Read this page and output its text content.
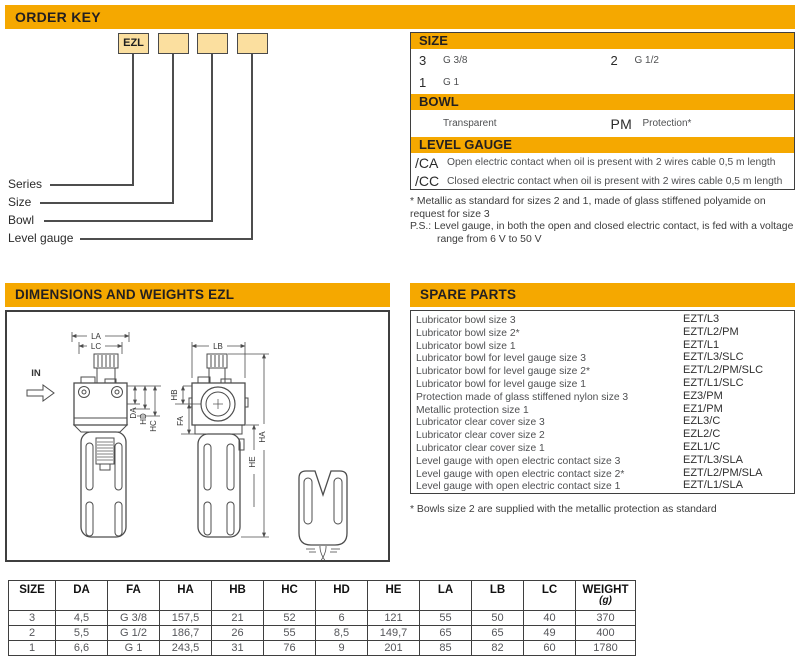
ORDER KEY
EZL
Series
Size
Bowl
Level gauge
SIZE
3	G 3/8	2	G 1/2
1	G 1
BOWL
Transparent	PM	Protection*
LEVEL GAUGE
/CA Open electric contact when oil is present with 2 wires cable 0,5 m length
/CC Closed electric contact when oil is present with 2 wires cable 0,5 m length
* Metallic as standard for sizes 2 and 1, made of glass stiffened polyamide on request for size 3
P.S.: Level gauge, in both the open and closed electric contact, is fed with a voltage
range from 6 V to 50 V
DIMENSIONS AND WEIGHTS EZL
LA
LC	LB
IN
DA
HD
HC
HB
FA
HA
HE
SPARE PARTS
Lubricator bowl size 3	EZT/L3
Lubricator bowl size 2*	EZT/L2/PM
Lubricator bowl size 1	EZT/L1
Lubricator bowl for level gauge size 3	EZT/L3/SLC
Lubricator bowl for level gauge size 2*	EZT/L2/PM/SLC
Lubricator bowl for level gauge size 1	EZT/L1/SLC
Protection made of glass stiffened nylon size 3	EZ3/PM
Metallic protection size 1	EZ1/PM
Lubricator clear cover size 3	EZL3/C
Lubricator clear cover size 2	EZL2/C
Lubricator clear cover size 1	EZL1/C
Level gauge with open electric contact size 3	EZT/L3/SLA
Level gauge with open electric contact size 2*	EZT/L2/PM/SLA
Level gauge with open electric contact size 1	EZT/L1/SLA
* Bowls size 2 are supplied with the metallic protection as standard
SIZE	DA	FA	HA	HB	HC	HD	HE	LA	LB	LC	WEIGHT
(g)

3	4,5	G 3/8	157,5	21	52	6	121	55	50	40	370
2	5,5	G 1/2	186,7	26	55	8,5	149,7	65	65	49	400
1	6,6	G 1	243,5	31	76	9	201	85	82	60	1780
